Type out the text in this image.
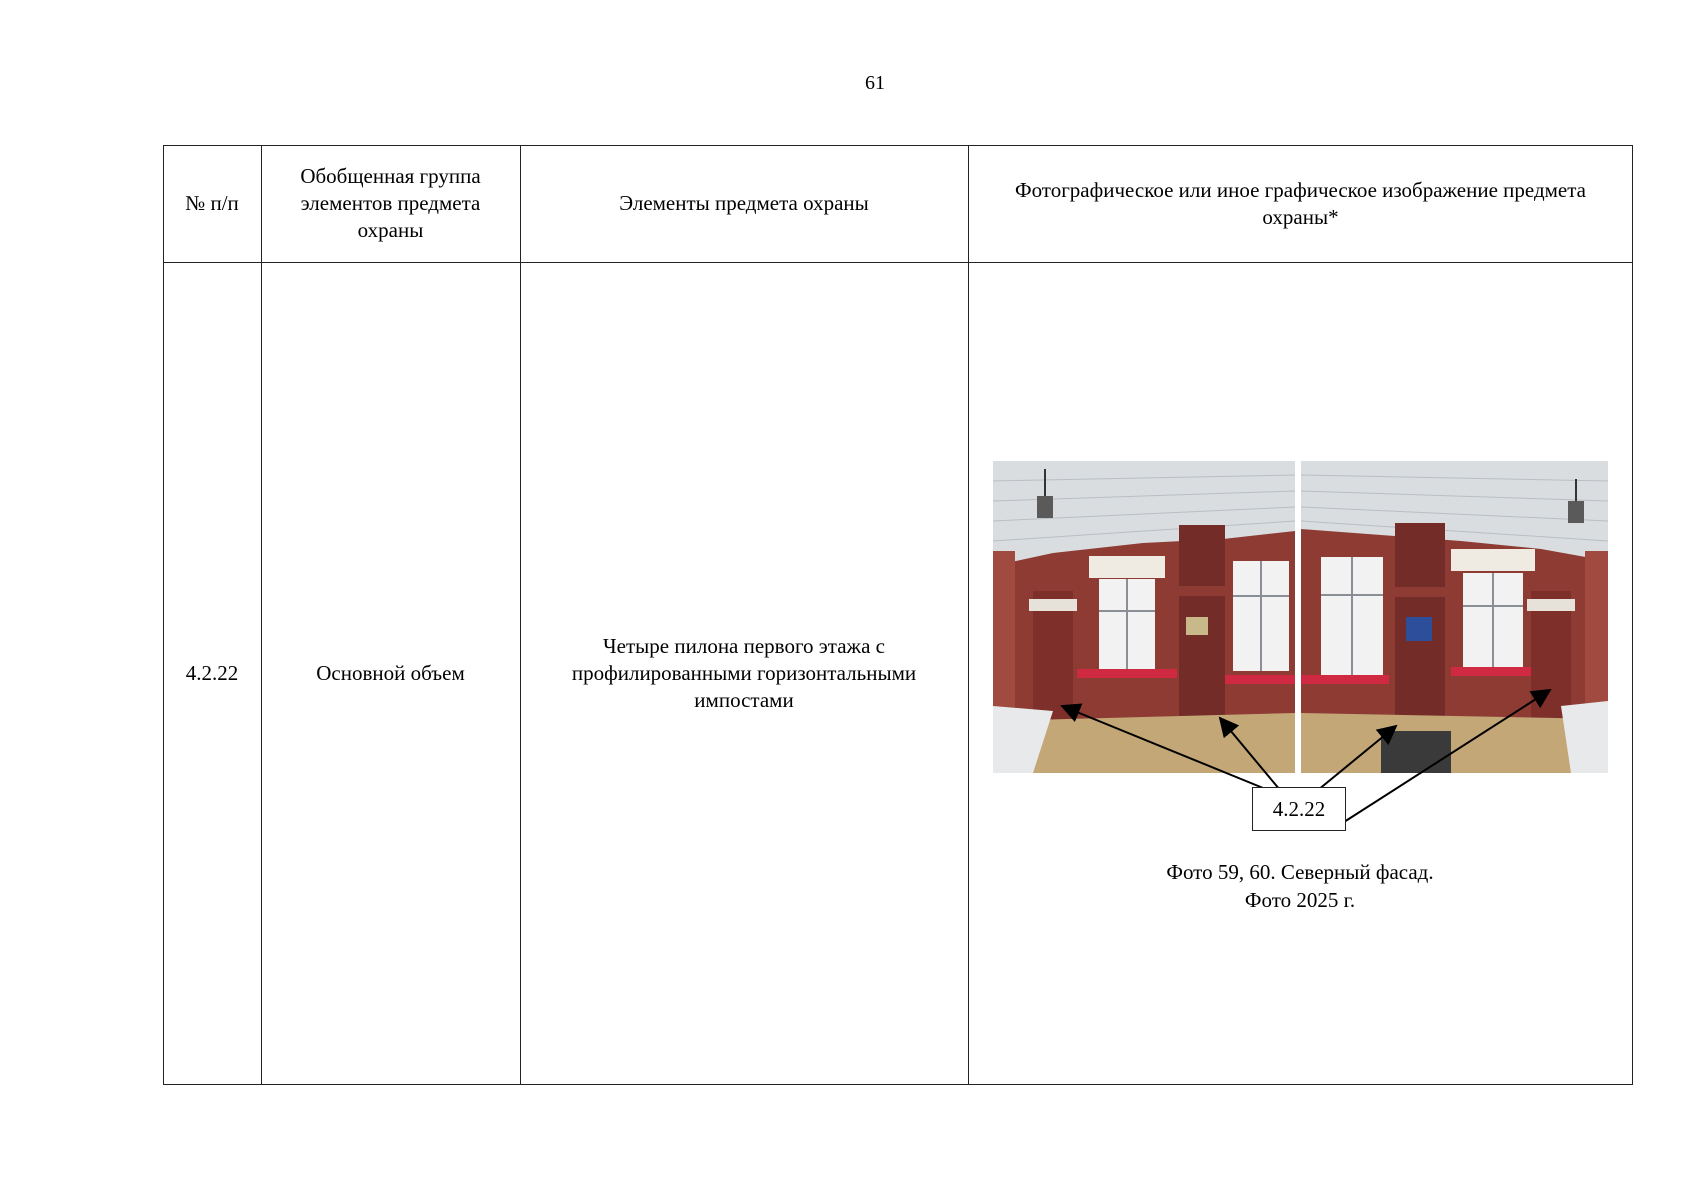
61
№ п/п
Обобщенная группа элементов предмета охраны
Элементы предмета охраны
Фотографическое или иное графическое изображение предмета охраны*
4.2.22	Основной объем
Четыре пилона первого этажа с профилированными горизонтальными импостами
4.2.22
Фото 59, 60. Северный фасад.
Фото 2025 г.
